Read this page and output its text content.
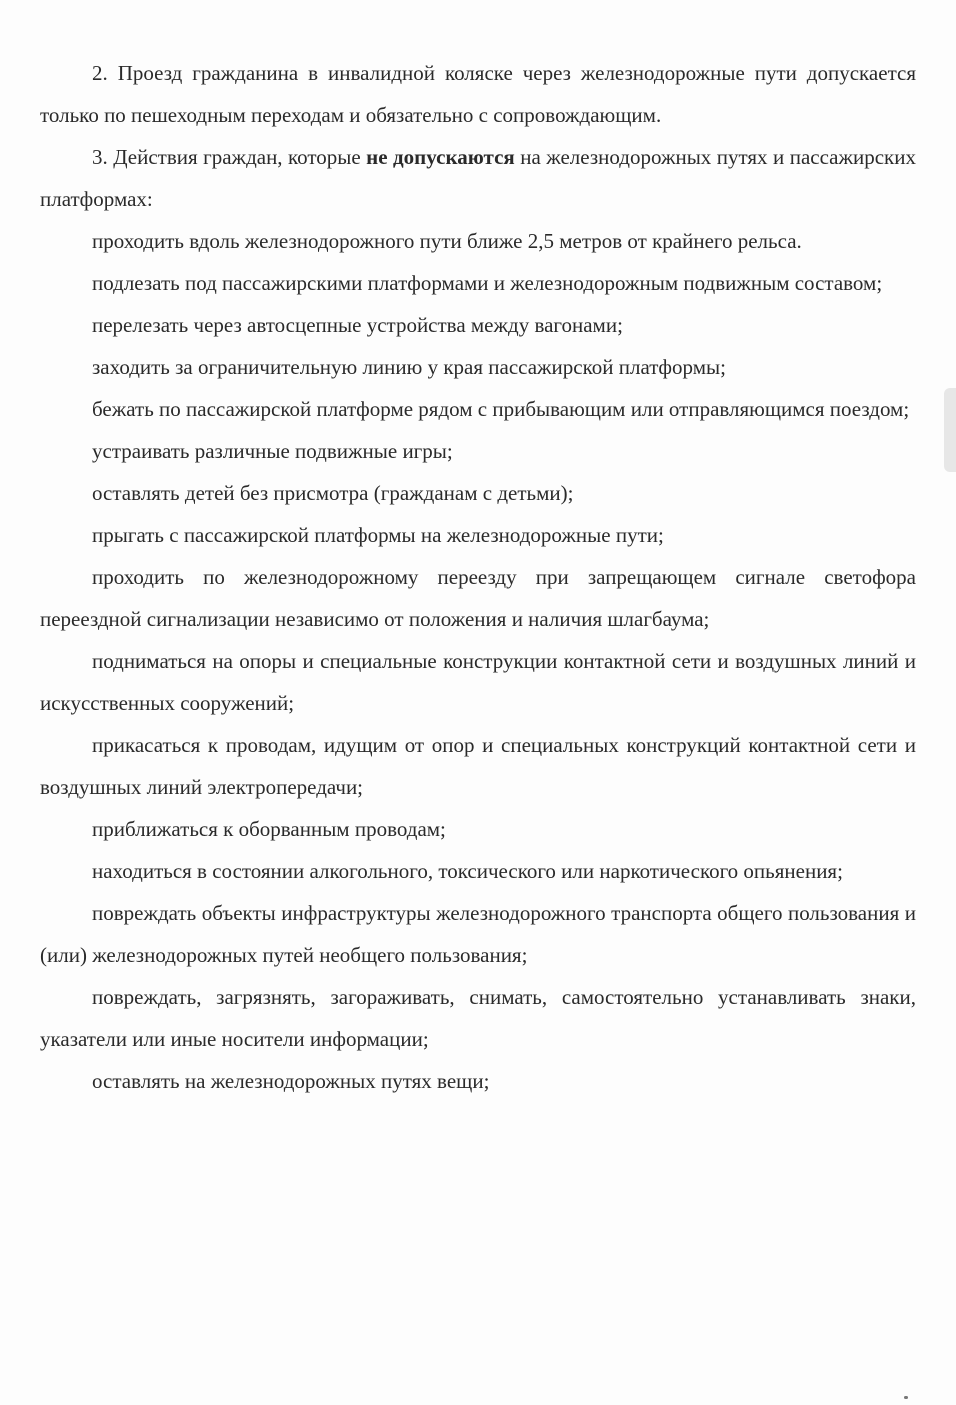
2. Проезд гражданина в инвалидной коляске через железнодорожные пути допускается только по пешеходным переходам и обязательно с сопровождающим.

3. Действия граждан, которые не допускаются на железнодорожных путях и пассажирских платформах:

проходить вдоль железнодорожного пути ближе 2,5 метров от крайнего рельса.

подлезать под пассажирскими платформами и железнодорожным подвижным составом;

перелезать через автосцепные устройства между вагонами;

заходить за ограничительную линию у края пассажирской платформы;

бежать по пассажирской платформе рядом с прибывающим или отправляющимся поездом;

устраивать различные подвижные игры;

оставлять детей без присмотра (гражданам с детьми);

прыгать с пассажирской платформы на железнодорожные пути;

проходить по железнодорожному переезду при запрещающем сигнале светофора переездной сигнализации независимо от положения и наличия шлагбаума;

подниматься на опоры и специальные конструкции контактной сети и воздушных линий и искусственных сооружений;

прикасаться к проводам, идущим от опор и специальных конструкций контактной сети и воздушных линий электропередачи;

приближаться к оборванным проводам;

находиться в состоянии алкогольного, токсического или наркотического опьянения;

повреждать объекты инфраструктуры железнодорожного транспорта общего пользования и (или) железнодорожных путей необщего пользования;

повреждать, загрязнять, загораживать, снимать, самостоятельно устанавливать знаки, указатели или иные носители информации;

оставлять на железнодорожных путях вещи;
